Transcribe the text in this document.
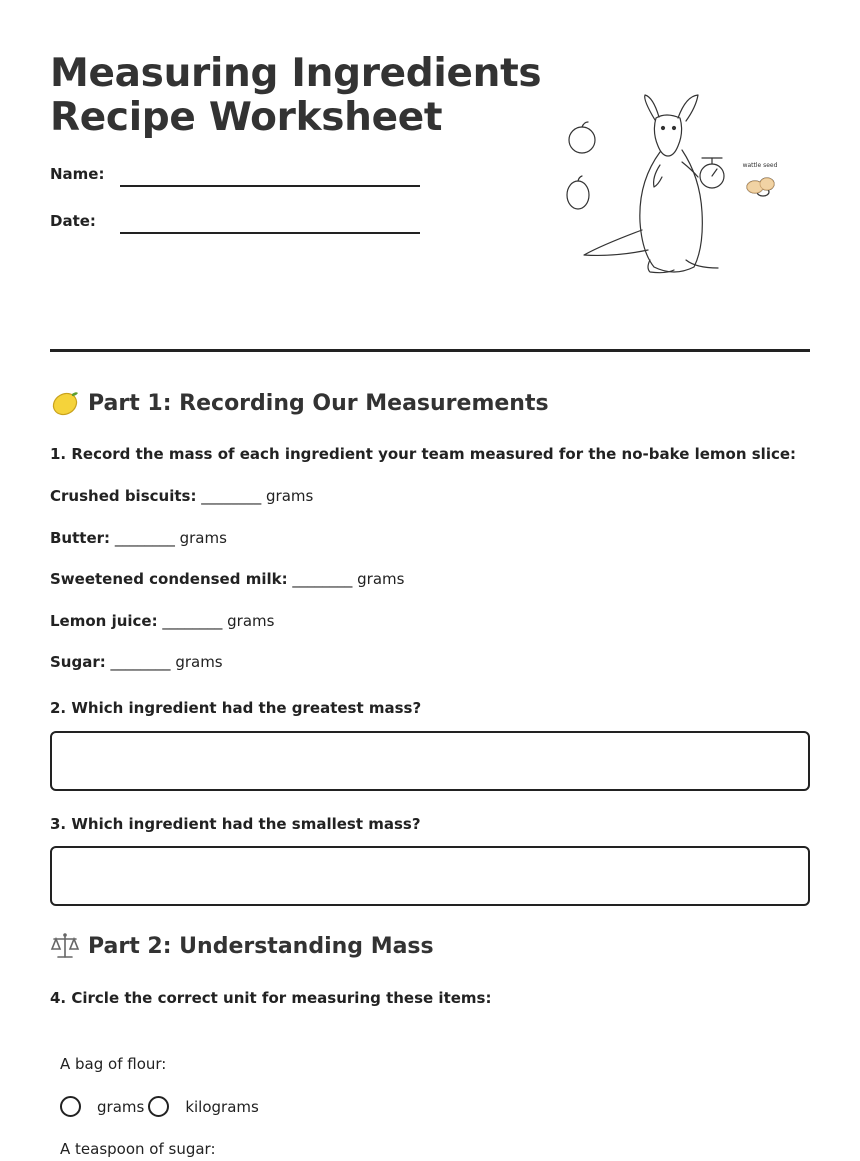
Measuring Ingredients
Recipe Worksheet
Name:
Date:
wattle seed
Part 1: Recording Our Measurements

1. Record the mass of each ingredient your team measured for the no-bake lemon slice:

Crushed biscuits: ________ grams

Butter: ________ grams

Sweetened condensed milk: ________ grams

Lemon juice: ________ grams

Sugar: ________ grams

2. Which ingredient had the greatest mass?

3. Which ingredient had the smallest mass?

Part 2: Understanding Mass

4. Circle the correct unit for measuring these items:

A bag of flour:

grams	kilograms

A teaspoon of sugar:
